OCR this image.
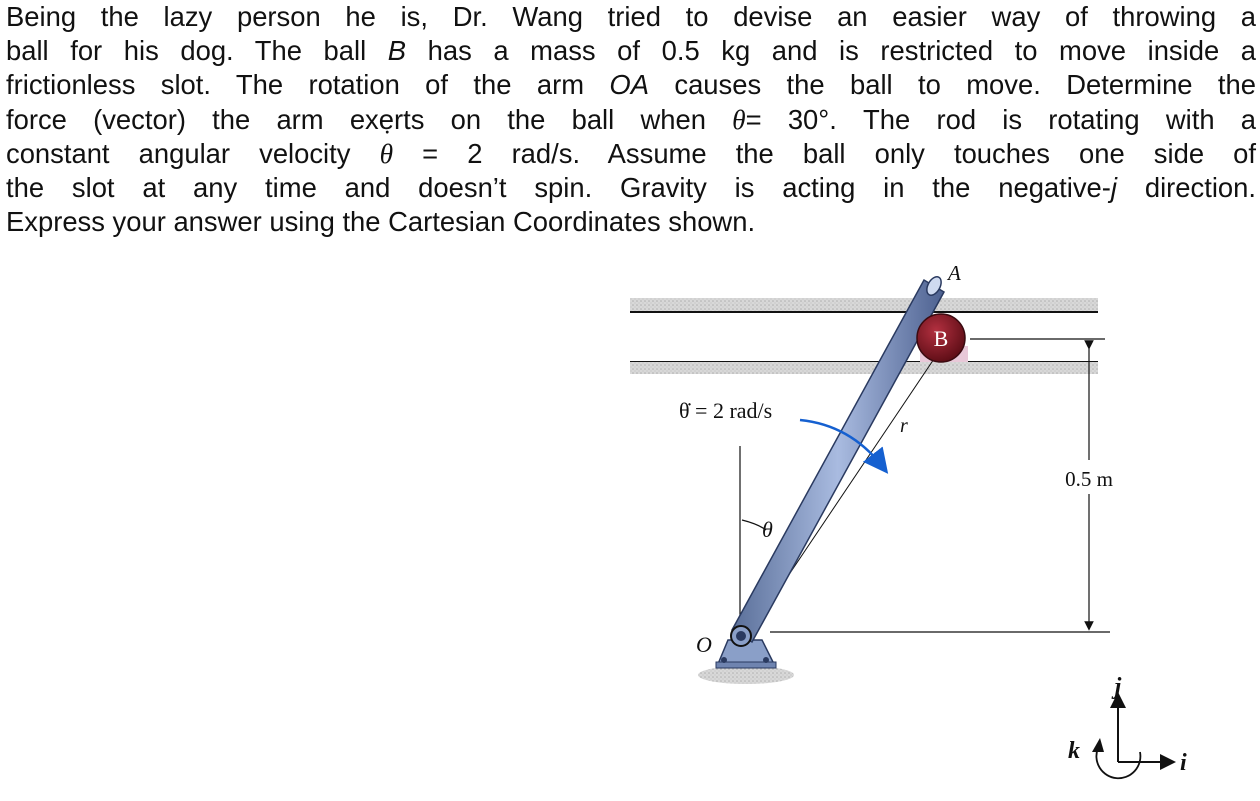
Being the lazy person he is, Dr. Wang tried to devise an easier way of throwing a
ball for his dog. The ball B has a mass of 0.5 kg and is restricted to move inside a
frictionless slot. The rotation of the arm OA causes the ball to move. Determine the
force (vector) the arm exerts on the ball when θ= 30°. The rod is rotating with a
constant angular velocity ˙ θ = 2 rad/s. Assume the ball only touches one side of
the slot at any time and doesn’t spin. Gravity is acting in the negative-j direction.
Express your answer using the Cartesian Coordinates shown.
0.5 m
θ
r
B
A
O
θ̇ = 2 rad/s
j
i
k
